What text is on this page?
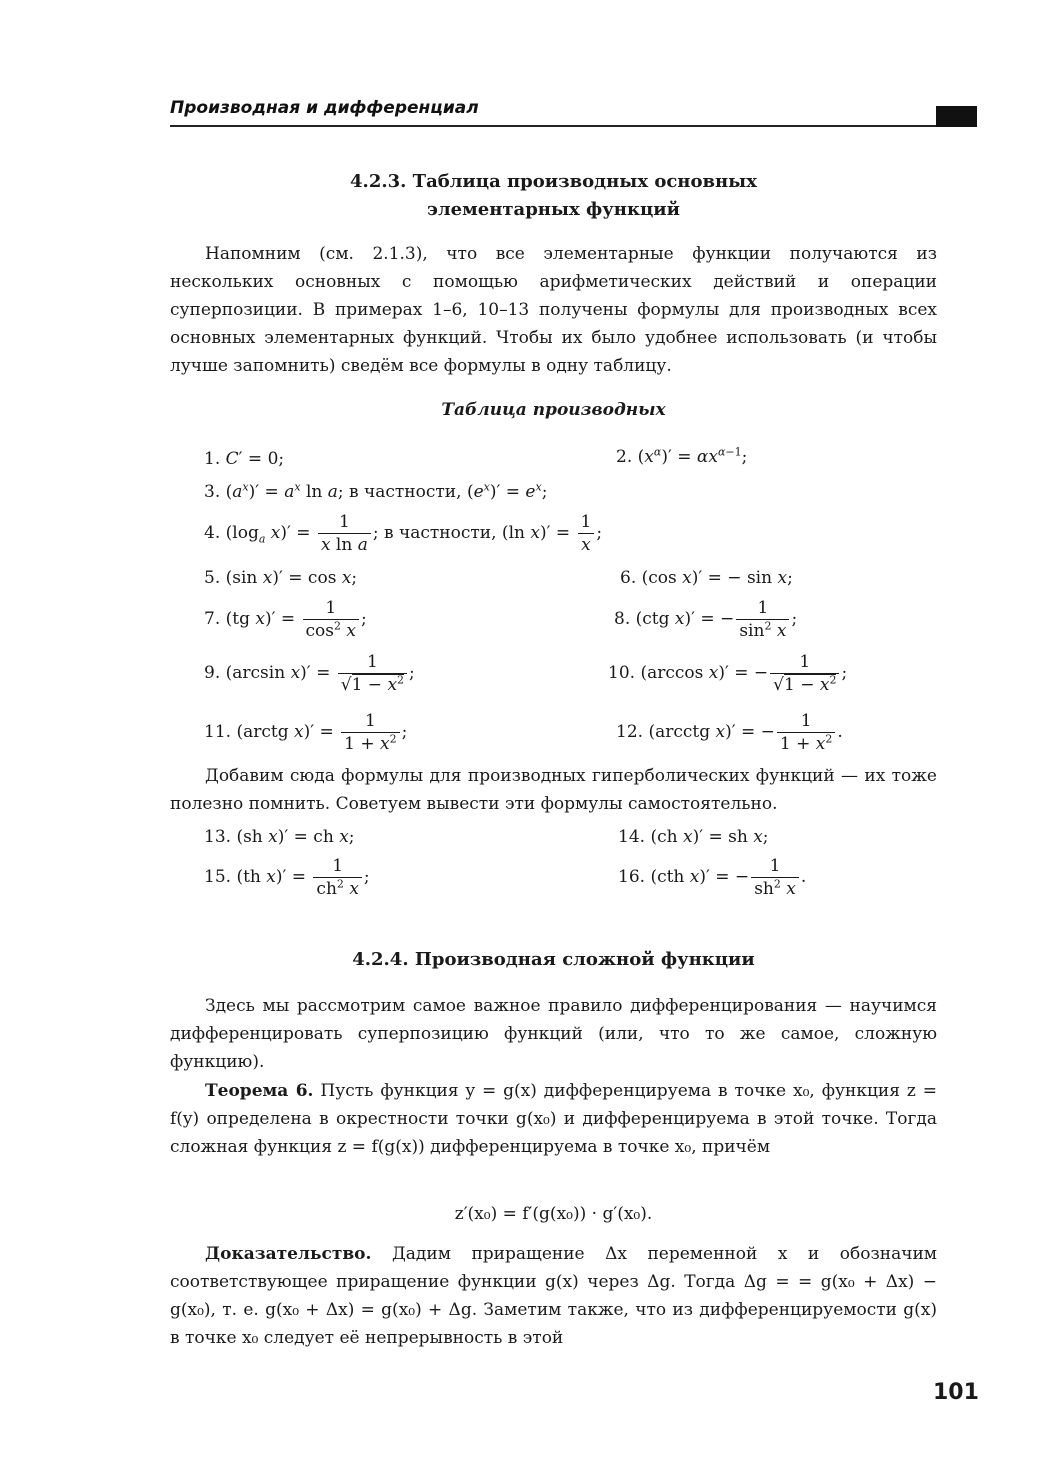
Производная и дифференциал
4.2.3. Таблица производных основных
элементарных функций

Напомним (см. 2.1.3), что все элементарные функции получаются из нескольких основных с помощью арифметических действий и операции суперпозиции. В примерах 1–6, 10–13 получены формулы для производных всех основных элементарных функций. Чтобы их было удобнее использовать (и чтобы лучше запомнить) сведём все формулы в одну таблицу.

Таблица производных
1. C′ = 0;	2. $(x^\alpha)' = \alpha x^{\alpha-1}$;
3. $(a^x)' = a^x$ ln a; в частности, $(e^x)' = e^x$;
4. ($\log_a$ $x)' = \frac{1}{\text{x ln a}}$ ; в частности, (ln $x)' = \frac{1}{x}$ ;
5. (sin x)′ = cos x;	6. (cos x)′ = − sin x;
7. (tg $x)' = \frac{1}{\cos^2 x}$ ;	8. (ctg x)′ = − $\frac{1}{\sin^2 x}$ ;
9. (arcsin $x)' = \frac{1}{√1 - x^2}$ ;	10. (arccos x)′ = − $\frac{1}{√1 - x^2}$ ;
11. (arctg $x)' = \frac{1}{1 + x^2}$ ;	12. (arcctg x)′ = − $\frac{1}{1 + x^2}$ .

Добавим сюда формулы для производных гиперболических функций — их тоже полезно помнить. Советуем вывести эти формулы самостоятельно.

13. (sh x)′ = ch x;	14. (ch x)′ = sh x;
15. (th $x)' = \frac{1}{ch^2 x}$ ;	16. (cth x)′ = − $\frac{1}{sh^2 x}$ .
4.2.4. Производная сложной функции

Здесь мы рассмотрим самое важное правило дифференцирования — научимся дифференцировать суперпозицию функций (или, что то же самое, сложную функцию).

Теорема 6. Пусть функция y = g(x) дифференцируема в точке x₀, функция z = f(y) определена в окрестности точки g(x₀) и дифференцируема в этой точке. Тогда сложная функция z = f(g(x)) дифференцируема в точке x₀, причём

z′(x₀) = f′(g(x₀)) · g′(x₀).

Доказательство. Дадим приращение Δx переменной x и обозначим соответствующее приращение функции g(x) через Δg. Тогда Δg = = g(x₀ + Δx) − g(x₀), т. е. g(x₀ + Δx) = g(x₀) + Δg. Заметим также, что из дифференцируемости g(x) в точке x₀ следует её непрерывность в этой

101
